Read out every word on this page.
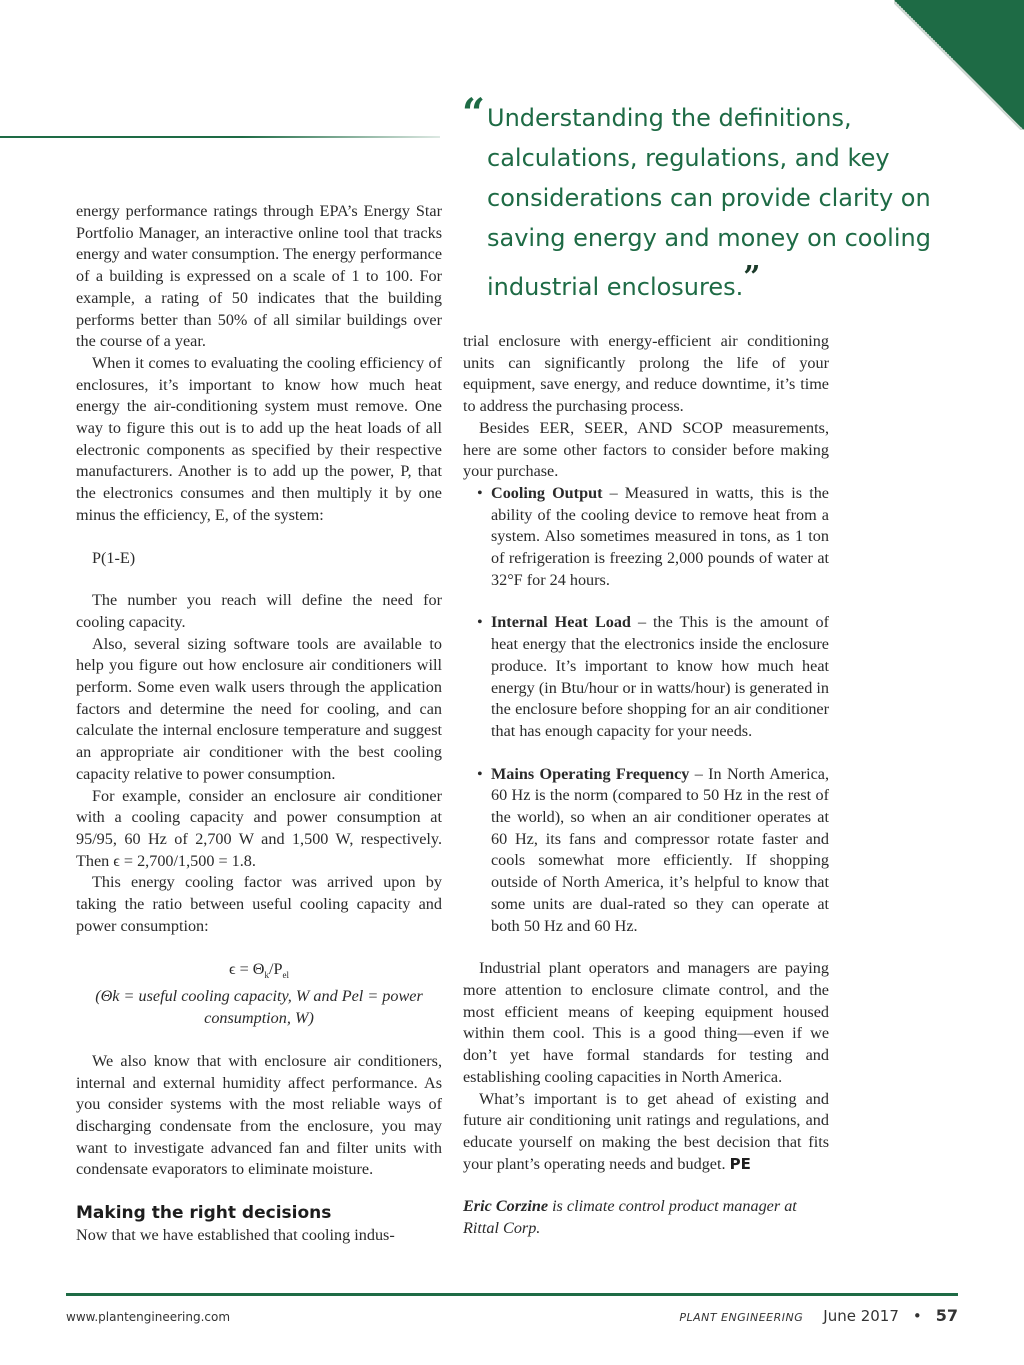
“ Understanding the definitions, calculations, regulations, and key considerations can provide clarity on saving energy and money on cooling industrial enclosures.”

energy performance ratings through EPA’s Energy Star Portfolio Manager, an interactive online tool that tracks energy and water consumption. The energy performance of a building is expressed on a scale of 1 to 100. For example, a rating of 50 indicates that the building performs better than 50% of all similar buildings over the course of a year.

When it comes to evaluating the cooling efficiency of enclosures, it’s important to know how much heat energy the air-conditioning system must remove. One way to figure this out is to add up the heat loads of all electronic components as specified by their respective manufacturers. Another is to add up the power, P, that the electronics consumes and then multiply it by one minus the efficiency, E, of the system:

P(1-E)

The number you reach will define the need for cooling capacity.

Also, several sizing software tools are available to help you figure out how enclosure air conditioners will perform. Some even walk users through the application factors and determine the need for cooling, and can calculate the internal enclosure temperature and suggest an appropriate air conditioner with the best cooling capacity relative to power consumption.

For example, consider an enclosure air conditioner with a cooling capacity and power consumption at 95/95, 60 Hz of 2,700 W and 1,500 W, respectively. Then ϵ = 2,700/1,500 = 1.8.

This energy cooling factor was arrived upon by taking the ratio between useful cooling capacity and power consumption:

$\epsilon = \Theta_k/P_{el}$

(Θk = useful cooling capacity, W and Pel = power consumption, W)

We also know that with enclosure air conditioners, internal and external humidity affect performance. As you consider systems with the most reliable ways of discharging condensate from the enclosure, you may want to investigate advanced fan and filter units with condensate evaporators to eliminate moisture.

Making the right decisions

Now that we have established that cooling indus-

trial enclosure with energy-efficient air conditioning units can significantly prolong the life of your equipment, save energy, and reduce downtime, it’s time to address the purchasing process.

Besides EER, SEER, AND SCOP measurements, here are some other factors to consider before making your purchase.

• Cooling Output – Measured in watts, this is the ability of the cooling device to remove heat from a system. Also sometimes measured in tons, as 1 ton of refrigeration is freezing 2,000 pounds of water at 32°F for 24 hours.

• Internal Heat Load – the This is the amount of heat energy that the electronics inside the enclosure produce. It’s important to know how much heat energy (in Btu/hour or in watts/hour) is generated in the enclosure before shopping for an air conditioner that has enough capacity for your needs.

• Mains Operating Frequency – In North America, 60 Hz is the norm (compared to 50 Hz in the rest of the world), so when an air conditioner operates at 60 Hz, its fans and compressor rotate faster and cools somewhat more efficiently. If shopping outside of North America, it’s helpful to know that some units are dual-rated so they can operate at both 50 Hz and 60 Hz.

Industrial plant operators and managers are paying more attention to enclosure climate control, and the most efficient means of keeping equipment housed within them cool. This is a good thing—even if we don’t yet have formal standards for testing and establishing cooling capacities in North America.

What’s important is to get ahead of existing and future air conditioning unit ratings and regulations, and educate yourself on making the best decision that fits your plant’s operating needs and budget. PE

Eric Corzine is climate control product manager at Rittal Corp.

www.plantengineering.com	PLANT ENGINEERING June 2017 • 57
